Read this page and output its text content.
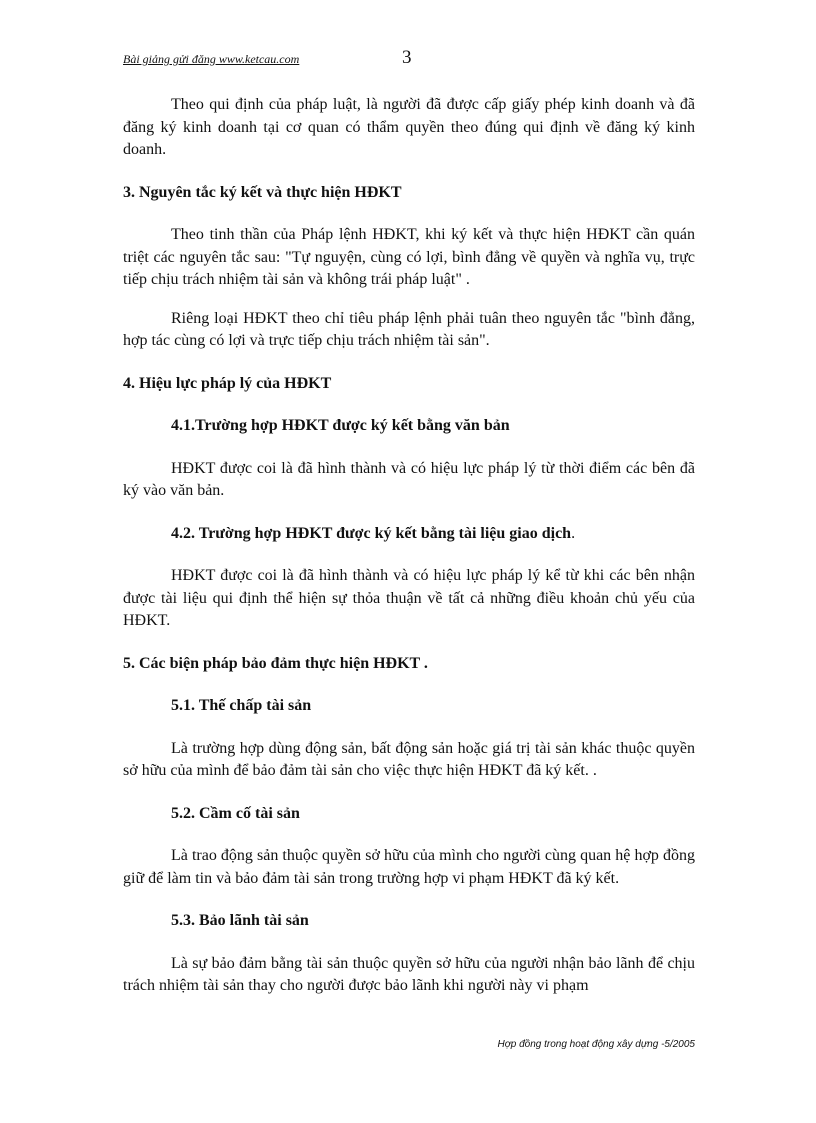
Bài giảng gửi đăng www.ketcau.com	3

Theo qui định của pháp luật, là người đã được cấp giấy phép kinh doanh và đã đăng ký kinh doanh tại cơ quan có thẩm quyền theo đúng qui định về đăng ký kinh doanh.

3. Nguyên tắc ký kết và thực hiện HĐKT

Theo tinh thần của Pháp lệnh HĐKT, khi ký kết và thực hiện HĐKT cần quán triệt các nguyên tắc sau: "Tự nguyện, cùng có lợi, bình đẳng về quyền và nghĩa vụ, trực tiếp chịu trách nhiệm tài sản và không trái pháp luật" .

Riêng loại HĐKT theo chỉ tiêu pháp lệnh phải tuân theo nguyên tắc "bình đẳng, hợp tác cùng có lợi và trực tiếp chịu trách nhiệm tài sản".

4. Hiệu lực pháp lý của HĐKT

4.1.Trường hợp HĐKT được ký kết bằng văn bản

HĐKT được coi là đã hình thành và có hiệu lực pháp lý từ thời điểm các bên đã ký vào văn bản.

4.2. Trường hợp HĐKT được ký kết bằng tài liệu giao dịch.

HĐKT được coi là đã hình thành và có hiệu lực pháp lý kể từ khi các bên nhận được tài liệu qui định thể hiện sự thỏa thuận về tất cả những điều khoản chủ yếu của HĐKT.

5. Các biện pháp bảo đảm thực hiện HĐKT .

5.1. Thế chấp tài sản

Là trường hợp dùng động sản, bất động sản hoặc giá trị tài sản khác thuộc quyền sở hữu của mình để bảo đảm tài sản cho việc thực hiện HĐKT đã ký kết. .

5.2. Cầm cố tài sản

Là trao động sản thuộc quyền sở hữu của mình cho người cùng quan hệ hợp đồng giữ để làm tin và bảo đảm tài sản trong trường hợp vi phạm HĐKT đã ký kết.

5.3. Bảo lãnh tài sản

Là sự bảo đảm bằng tài sản thuộc quyền sở hữu của người nhận bảo lãnh để chịu trách nhiệm tài sản thay cho người được bảo lãnh khi người này vi phạm

Hợp đồng trong hoạt động xây dựng -5/2005
